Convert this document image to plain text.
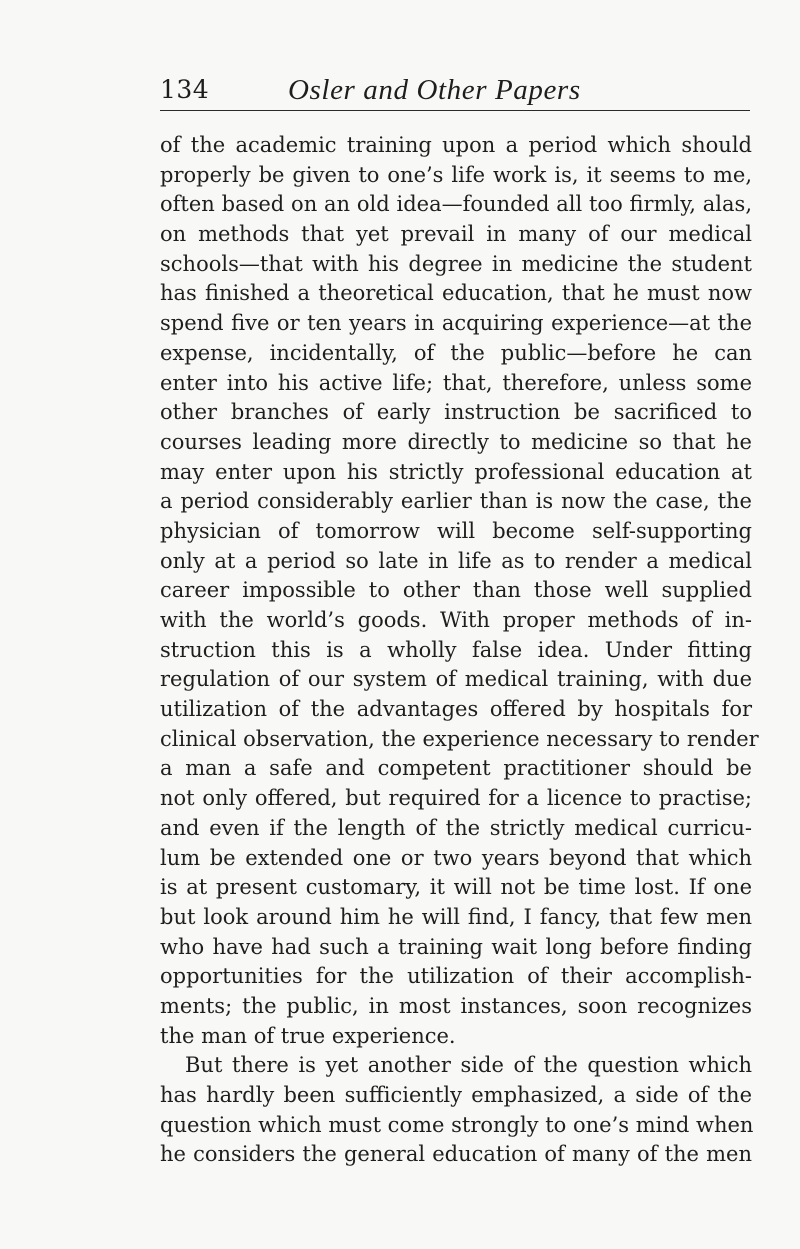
134	Osler and Other Papers
of the academic training upon a period which should
properly be given to one’s life work is, it seems to me,
often based on an old idea—founded all too firmly, alas,
on methods that yet prevail in many of our medical
schools—that with his degree in medicine the student
has finished a theoretical education, that he must now
spend five or ten years in acquiring experience—at the
expense, incidentally, of the public—before he can
enter into his active life; that, therefore, unless some
other branches of early instruction be sacrificed to
courses leading more directly to medicine so that he
may enter upon his strictly professional education at
a period considerably earlier than is now the case, the
physician of tomorrow will become self-supporting
only at a period so late in life as to render a medical
career impossible to other than those well supplied
with the world’s goods. With proper methods of in-
struction this is a wholly false idea. Under fitting
regulation of our system of medical training, with due
utilization of the advantages offered by hospitals for
clinical observation, the experience necessary to render
a man a safe and competent practitioner should be
not only offered, but required for a licence to practise;
and even if the length of the strictly medical curricu-
lum be extended one or two years beyond that which
is at present customary, it will not be time lost. If one
but look around him he will find, I fancy, that few men
who have had such a training wait long before finding
opportunities for the utilization of their accomplish-
ments; the public, in most instances, soon recognizes
the man of true experience.
But there is yet another side of the question which
has hardly been sufficiently emphasized, a side of the
question which must come strongly to one’s mind when
he considers the general education of many of the men
